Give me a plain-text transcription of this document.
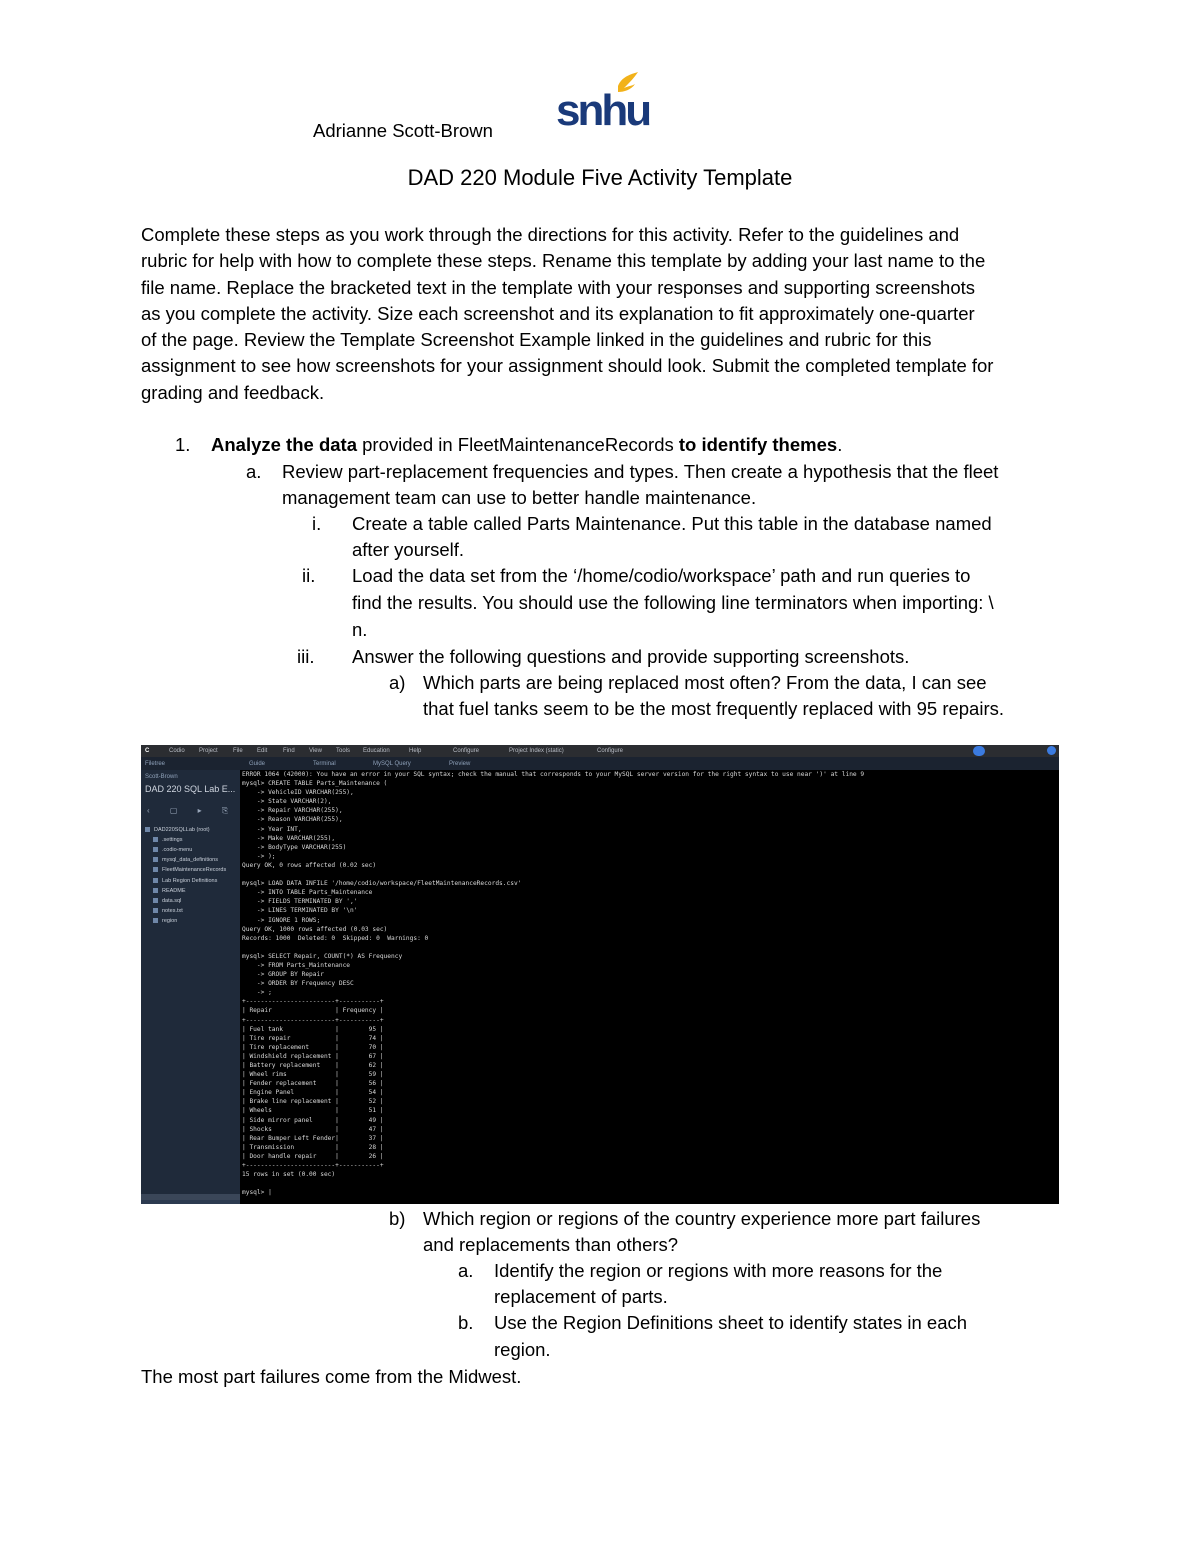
Adrianne Scott-Brown snhu
DAD 220 Module Five Activity Template
Complete these steps as you work through the directions for this activity. Refer to the guidelines and
rubric for help with how to complete these steps. Rename this template by adding your last name to the
file name. Replace the bracketed text in the template with your responses and supporting screenshots
as you complete the activity. Size each screenshot and its explanation to fit approximately one-quarter
of the page. Review the Template Screenshot Example linked in the guidelines and rubric for this
assignment to see how screenshots for your assignment should look. Submit the completed template for
grading and feedback.
1. Analyze the data provided in FleetMaintenanceRecords to identify themes.
a. Review part-replacement frequencies and types. Then create a hypothesis that the fleet
management team can use to better handle maintenance.
i. Create a table called Parts Maintenance. Put this table in the database named
after yourself.
ii. Load the data set from the ‘/home/codio/workspace’ path and run queries to
find the results. You should use the following line terminators when importing: \
n.
iii. Answer the following questions and provide supporting screenshots.
a) Which parts are being replaced most often? From the data, I can see
that fuel tanks seem to be the most frequently replaced with 95 repairs.
C	Codio Project	File Edit	Find View Tools Education	Help	Configure	Project Index (static)	Configure
Filetree	Guide	Terminal	MySQL Query	Preview
Scott-Brown
DAD 220 SQL Lab E...
‹ ▢ ▸ ⎘
DAD220SQLLab (root)
.settings
.codio-menu
mysql_data_definitions
FleetMaintenanceRecords
Lab Region Definitions
README
data.sql
notes.txt
region
ERROR 1064 (42000): You have an error in your SQL syntax; check the manual that corresponds to your MySQL server version for the right syntax to use near ')' at line 9
mysql> CREATE TABLE Parts_Maintenance (
-> VehicleID VARCHAR(255),
-> State VARCHAR(2),
-> Repair VARCHAR(255),
-> Reason VARCHAR(255),
-> Year INT,
-> Make VARCHAR(255),
-> BodyType VARCHAR(255)
-> );
Query OK, 0 rows affected (0.02 sec)
mysql> LOAD DATA INFILE '/home/codio/workspace/FleetMaintenanceRecords.csv'
-> INTO TABLE Parts_Maintenance
-> FIELDS TERMINATED BY ','
-> LINES TERMINATED BY '\n'
-> IGNORE 1 ROWS;
Query OK, 1000 rows affected (0.03 sec)
Records: 1000  Deleted: 0  Skipped: 0  Warnings: 0
mysql> SELECT Repair, COUNT(*) AS Frequency
-> FROM Parts_Maintenance
-> GROUP BY Repair
-> ORDER BY Frequency DESC
-> ;
+------------------------+-----------+
| Repair                 | Frequency |
+------------------------+-----------+
| Fuel tank              |        95 |
| Tire repair            |        74 |
| Tire replacement       |        70 |
| Windshield replacement |        67 |
| Battery replacement    |        62 |
| Wheel rims             |        59 |
| Fender replacement     |        56 |
| Engine Panel           |        54 |
| Brake line replacement |        52 |
| Wheels                 |        51 |
| Side mirror panel      |        49 |
| Shocks                 |        47 |
| Rear Bumper Left Fender|        37 |
| Transmission           |        28 |
| Door handle repair     |        26 |
+------------------------+-----------+
15 rows in set (0.00 sec)
mysql> |
b) Which region or regions of the country experience more part failures
and replacements than others?
a. Identify the region or regions with more reasons for the
replacement of parts.
b. Use the Region Definitions sheet to identify states in each
region.
The most part failures come from the Midwest.
